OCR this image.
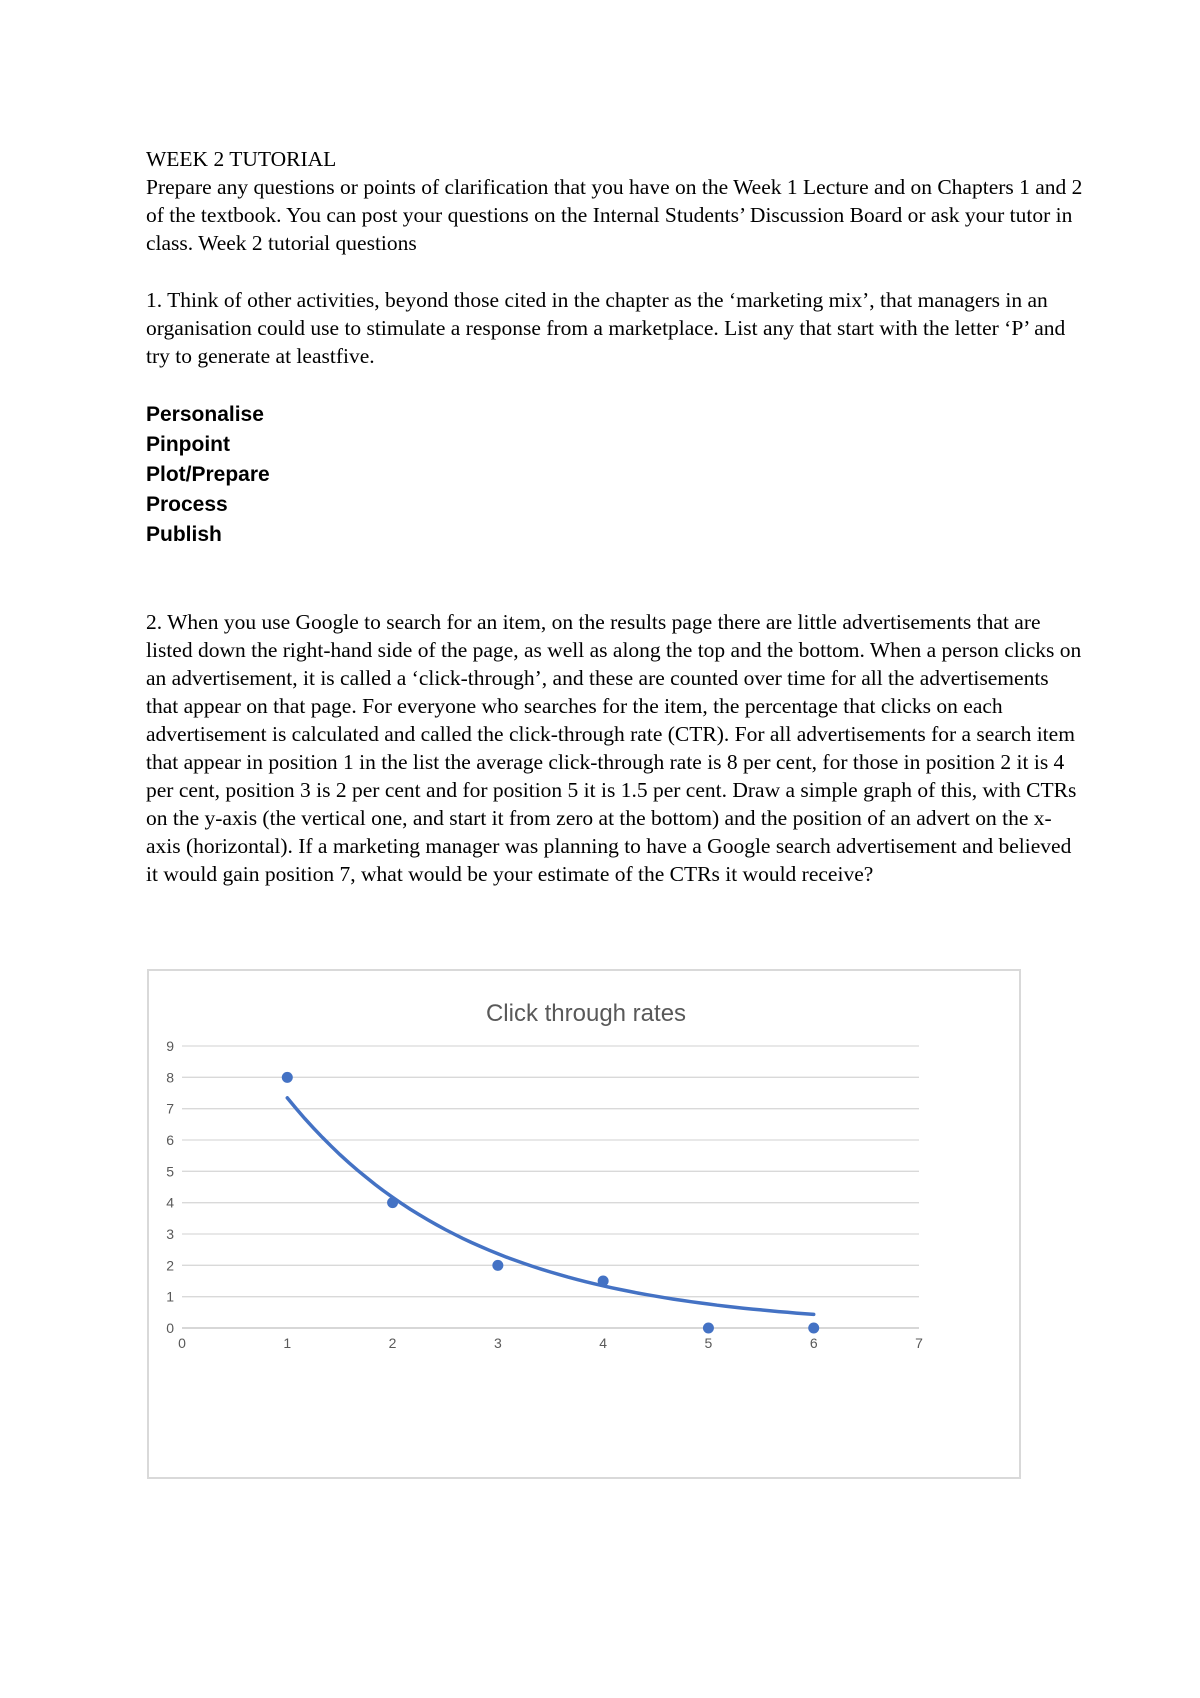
WEEK 2 TUTORIAL

Prepare any questions or points of clarification that you have on the Week 1 Lecture and on Chapters 1 and 2 of the textbook. You can post your questions on the Internal Students’ Discussion Board or ask your tutor in class. Week 2 tutorial questions

1. Think of other activities, beyond those cited in the chapter as the ‘marketing mix’, that managers in an organisation could use to stimulate a response from a marketplace. List any that start with the letter ‘P’ and try to generate at leastfive.
Personalise
Pinpoint
Plot/Prepare
Process
Publish
2. When you use Google to search for an item, on the results page there are little advertisements that are listed down the right-hand side of the page, as well as along the top and the bottom. When a person clicks on an advertisement, it is called a ‘click-through’, and these are counted over time for all the advertisements that appear on that page. For everyone who searches for the item, the percentage that clicks on each advertisement is calculated and called the click-through rate (CTR). For all advertisements for a search item that appear in position 1 in the list the average click-through rate is 8 per cent, for those in position 2 it is 4 per cent, position 3 is 2 per cent and for position 5 it is 1.5 per cent. Draw a simple graph of this, with CTRs on the y-axis (the vertical one, and start it from zero at the bottom) and the position of an advert on the x-axis (horizontal). If a marketing manager was planning to have a Google search advertisement and believed it would gain position 7, what would be your estimate of the CTRs it would receive?
Click through rates
0
1
2
3
4
5
6
7
8
9
0	1	2	3	4	5	6	7
